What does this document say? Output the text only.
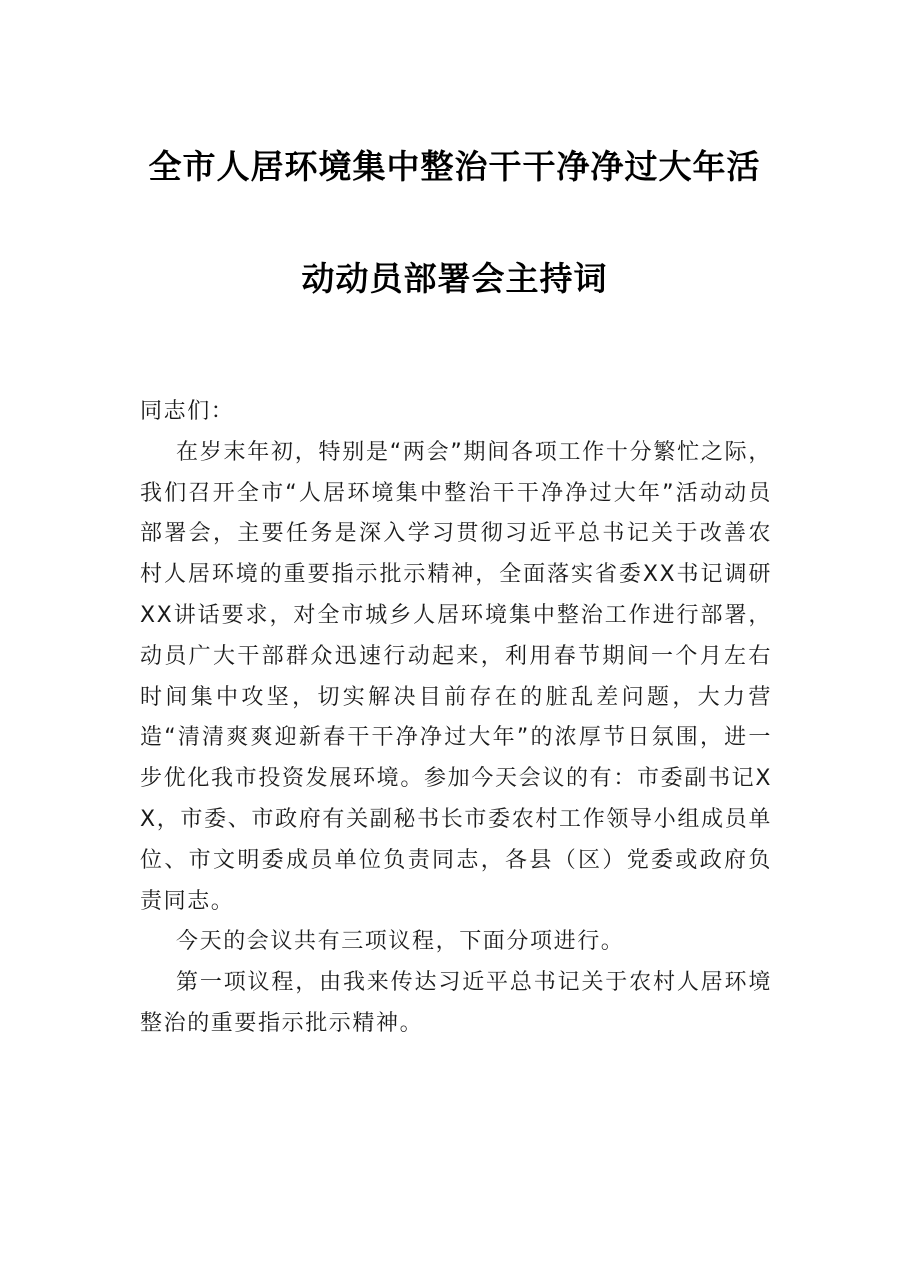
全市人居环境集中整治干干净净过大年活
动动员部署会主持词

同志们：

在岁末年初，特别是“两会”期间各项工作十分繁忙之际，我们召开全市“人居环境集中整治干干净净过大年”活动动员部署会，主要任务是深入学习贯彻习近平总书记关于改善农村人居环境的重要指示批示精神，全面落实省委XX书记调研XX讲话要求，对全市城乡人居环境集中整治工作进行部署，动员广大干部群众迅速行动起来，利用春节期间一个月左右时间集中攻坚，切实解决目前存在的脏乱差问题，大力营造“清清爽爽迎新春干干净净过大年”的浓厚节日氛围，进一步优化我市投资发展环境。参加今天会议的有：市委副书记XX，市委、市政府有关副秘书长市委农村工作领导小组成员单位、市文明委成员单位负责同志，各县（区）党委或政府负责同志。

今天的会议共有三项议程，下面分项进行。

第一项议程，由我来传达习近平总书记关于农村人居环境整治的重要指示批示精神。
